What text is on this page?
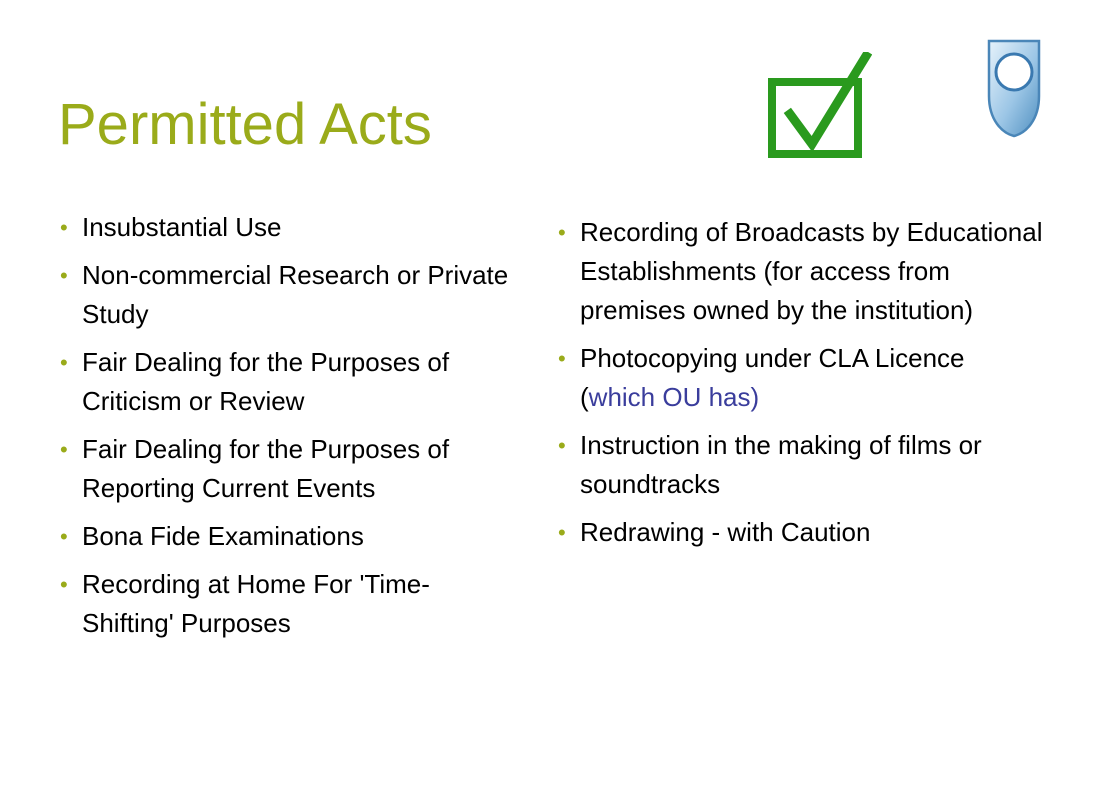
Permitted Acts
• Insubstantial Use
• Non-commercial Research or Private Study
• Fair Dealing for the Purposes of Criticism or Review
• Fair Dealing for the Purposes of Reporting Current Events
• Bona Fide Examinations
• Recording at Home For 'Time-Shifting' Purposes
• Recording of Broadcasts by Educational Establishments (for access from premises owned by the institution)
• Photocopying under CLA Licence (which OU has)
• Instruction in the making of films or soundtracks
• Redrawing - with Caution
